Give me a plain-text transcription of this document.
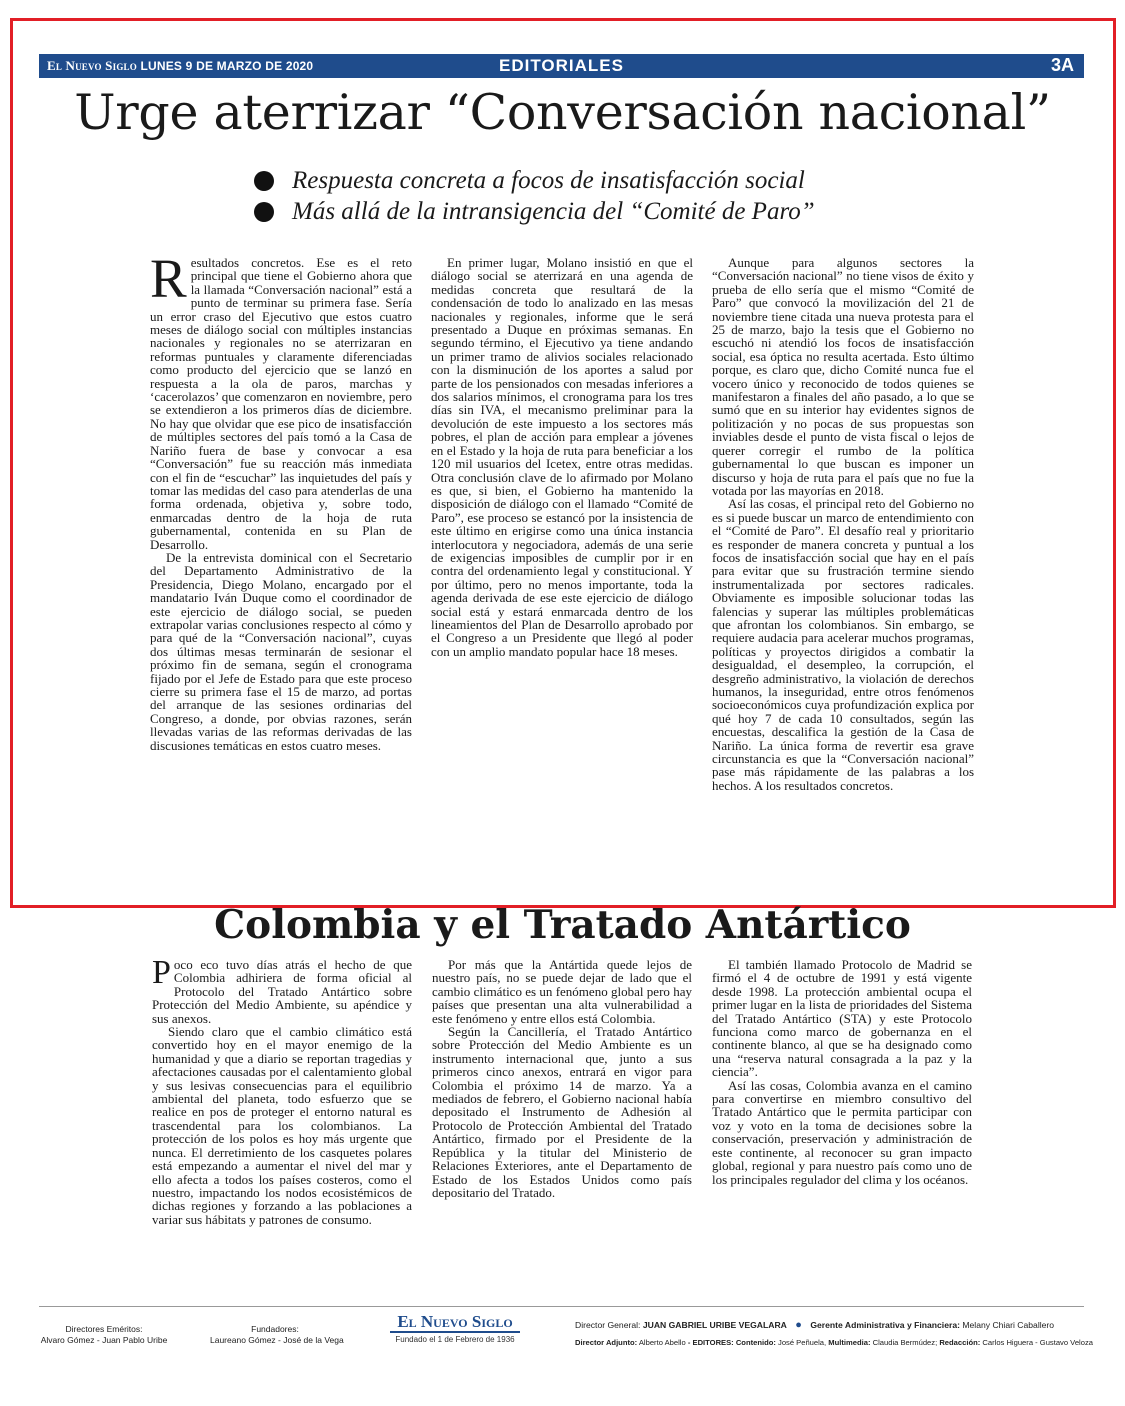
El Nuevo Siglo LUNES 9 DE MARZO DE 2020	EDITORIALES	3A
Urge aterrizar “Conversación nacional”
Respuesta concreta a focos de insatisfacción social
Más allá de la intransigencia del “Comité de Paro”

Resultados concretos. Ese es el reto principal que tiene el Gobierno ahora que la llamada “Conversación nacional” está a punto de terminar su primera fase. Sería un error craso del Ejecutivo que estos cuatro meses de diálogo social con múltiples instancias nacionales y regionales no se aterrizaran en reformas puntuales y claramente diferenciadas como producto del ejercicio que se lanzó en respuesta a la ola de paros, marchas y ‘cacerolazos’ que comenzaron en noviembre, pero se extendieron a los primeros días de diciembre. No hay que olvidar que ese pico de insatisfacción de múltiples sectores del país tomó a la Casa de Nariño fuera de base y convocar a esa “Conversación” fue su reacción más inmediata con el fin de “escuchar” las inquietudes del país y tomar las medidas del caso para atenderlas de una forma ordenada, objetiva y, sobre todo, enmarcadas dentro de la hoja de ruta gubernamental, contenida en su Plan de Desarrollo.

De la entrevista dominical con el Secretario del Departamento Administrativo de la Presidencia, Diego Molano, encargado por el mandatario Iván Duque como el coordinador de este ejercicio de diálogo social, se pueden extrapolar varias conclusiones respecto al cómo y para qué de la “Conversación nacional”, cuyas dos últimas mesas terminarán de sesionar el próximo fin de semana, según el cronograma fijado por el Jefe de Estado para que este proceso cierre su primera fase el 15 de marzo, ad portas del arranque de las sesiones ordinarias del Congreso, a donde, por obvias razones, serán llevadas varias de las reformas derivadas de las discusiones temáticas en estos cuatro meses.

En primer lugar, Molano insistió en que el diálogo social se aterrizará en una agenda de medidas concreta que resultará de la condensación de todo lo analizado en las mesas nacionales y regionales, informe que le será presentado a Duque en próximas semanas. En segundo término, el Ejecutivo ya tiene andando un primer tramo de alivios sociales relacionado con la disminución de los aportes a salud por parte de los pensionados con mesadas inferiores a dos salarios mínimos, el cronograma para los tres días sin IVA, el mecanismo preliminar para la devolución de este impuesto a los sectores más pobres, el plan de acción para emplear a jóvenes en el Estado y la hoja de ruta para beneficiar a los 120 mil usuarios del Icetex, entre otras medidas. Otra conclusión clave de lo afirmado por Molano es que, si bien, el Gobierno ha mantenido la disposición de diálogo con el llamado “Comité de Paro”, ese proceso se estancó por la insistencia de este último en erigirse como una única instancia interlocutora y negociadora, además de una serie de exigencias imposibles de cumplir por ir en contra del ordenamiento legal y constitucional. Y por último, pero no menos importante, toda la agenda derivada de ese este ejercicio de diálogo social está y estará enmarcada dentro de los lineamientos del Plan de Desarrollo aprobado por el Congreso a un Presidente que llegó al poder con un amplio mandato popular hace 18 meses.

Aunque para algunos sectores la “Conversación nacional” no tiene visos de éxito y prueba de ello sería que el mismo “Comité de Paro” que convocó la movilización del 21 de noviembre tiene citada una nueva protesta para el 25 de marzo, bajo la tesis que el Gobierno no escuchó ni atendió los focos de insatisfacción social, esa óptica no resulta acertada. Esto último porque, es claro que, dicho Comité nunca fue el vocero único y reconocido de todos quienes se manifestaron a finales del año pasado, a lo que se sumó que en su interior hay evidentes signos de politización y no pocas de sus propuestas son inviables desde el punto de vista fiscal o lejos de querer corregir el rumbo de la política gubernamental lo que buscan es imponer un discurso y hoja de ruta para el país que no fue la votada por las mayorías en 2018.

Así las cosas, el principal reto del Gobierno no es si puede buscar un marco de entendimiento con el “Comité de Paro”. El desafío real y prioritario es responder de manera concreta y puntual a los focos de insatisfacción social que hay en el país para evitar que su frustración termine siendo instrumentalizada por sectores radicales. Obviamente es imposible solucionar todas las falencias y superar las múltiples problemáticas que afrontan los colombianos. Sin embargo, se requiere audacia para acelerar muchos programas, políticas y proyectos dirigidos a combatir la desigualdad, el desempleo, la corrupción, el desgreño administrativo, la violación de derechos humanos, la inseguridad, entre otros fenómenos socioeconómicos cuya profundización explica por qué hoy 7 de cada 10 consultados, según las encuestas, descalifica la gestión de la Casa de Nariño. La única forma de revertir esa grave circunstancia es que la “Conversación nacional” pase más rápidamente de las palabras a los hechos. A los resultados concretos.

Colombia y el Tratado Antártico

Poco eco tuvo días atrás el hecho de que Colombia adhiriera de forma oficial al Protocolo del Tratado Antártico sobre Protección del Medio Ambiente, su apéndice y sus anexos.

Siendo claro que el cambio climático está convertido hoy en el mayor enemigo de la humanidad y que a diario se reportan tragedias y afectaciones causadas por el calentamiento global y sus lesivas consecuencias para el equilibrio ambiental del planeta, todo esfuerzo que se realice en pos de proteger el entorno natural es trascendental para los colombianos. La protección de los polos es hoy más urgente que nunca. El derretimiento de los casquetes polares está empezando a aumentar el nivel del mar y ello afecta a todos los países costeros, como el nuestro, impactando los nodos ecosistémicos de dichas regiones y forzando a las poblaciones a variar sus hábitats y patrones de consumo.

Por más que la Antártida quede lejos de nuestro país, no se puede dejar de lado que el cambio climático es un fenómeno global pero hay países que presentan una alta vulnerabilidad a este fenómeno y entre ellos está Colombia.

Según la Cancillería, el Tratado Antártico sobre Protección del Medio Ambiente es un instrumento internacional que, junto a sus primeros cinco anexos, entrará en vigor para Colombia el próximo 14 de marzo. Ya a mediados de febrero, el Gobierno nacional había depositado el Instrumento de Adhesión al Protocolo de Protección Ambiental del Tratado Antártico, firmado por el Presidente de la República y la titular del Ministerio de Relaciones Exteriores, ante el Departamento de Estado de los Estados Unidos como país depositario del Tratado.

El también llamado Protocolo de Madrid se firmó el 4 de octubre de 1991 y está vigente desde 1998. La protección ambiental ocupa el primer lugar en la lista de prioridades del Sistema del Tratado Antártico (STA) y este Protocolo funciona como marco de gobernanza en el continente blanco, al que se ha designado como una “reserva natural consagrada a la paz y la ciencia”.

Así las cosas, Colombia avanza en el camino para convertirse en miembro consultivo del Tratado Antártico que le permita participar con voz y voto en la toma de decisiones sobre la conservación, preservación y administración de este continente, al reconocer su gran impacto global, regional y para nuestro país como uno de los principales regulador del clima y los océanos.

Directores Eméritos:
Alvaro Gómez - Juan Pablo Uribe
Fundadores:
Laureano Gómez - José de la Vega
El Nuevo Siglo
Fundado el 1 de Febrero de 1936
Director General: JUAN GABRIEL URIBE VEGALARA ● Gerente Administrativa y Financiera: Melany Chiari Caballero
Director Adjunto: Alberto Abello - EDITORES: Contenido: José Peñuela, Multimedia: Claudia Bermúdez; Redacción: Carlos Higuera - Gustavo Veloza
